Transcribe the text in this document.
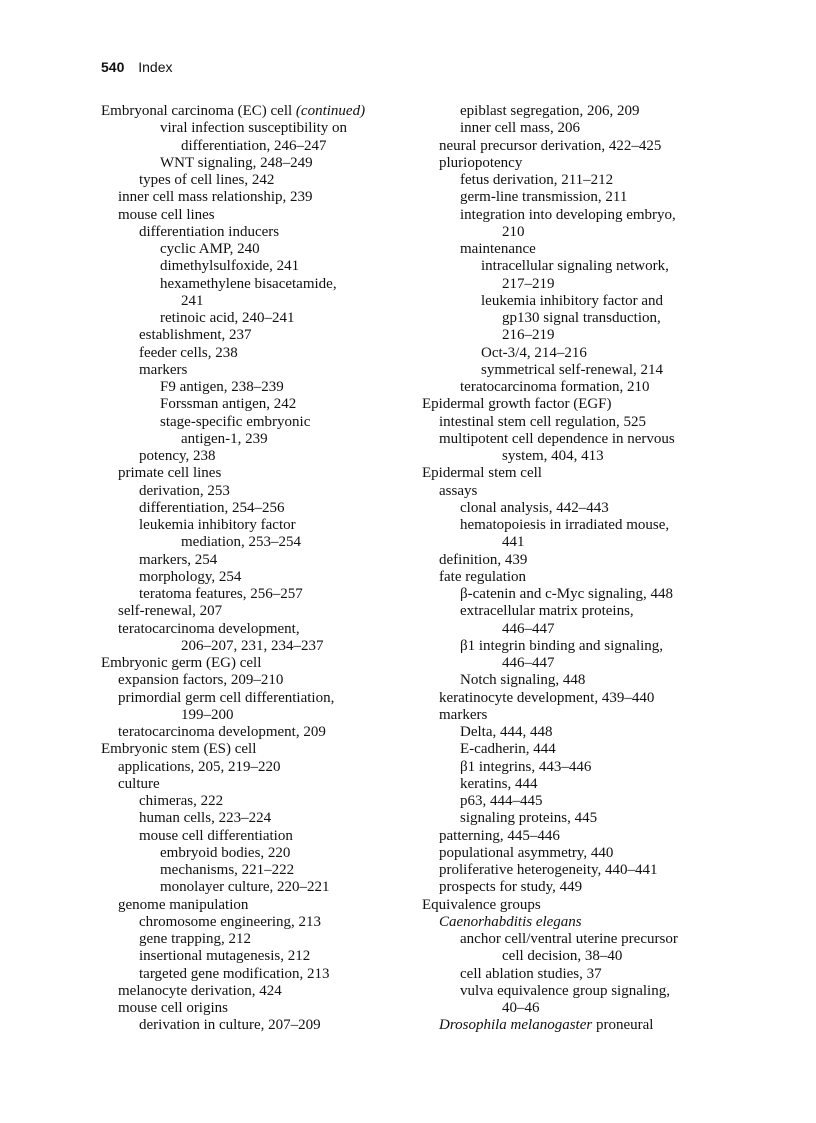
540 Index
Embryonal carcinoma (EC) cell (continued)
viral infection susceptibility on
differentiation, 246–247
WNT signaling, 248–249
types of cell lines, 242
inner cell mass relationship, 239
mouse cell lines
differentiation inducers
cyclic AMP, 240
dimethylsulfoxide, 241
hexamethylene bisacetamide,
241
retinoic acid, 240–241
establishment, 237
feeder cells, 238
markers
F9 antigen, 238–239
Forssman antigen, 242
stage-specific embryonic
antigen-1, 239
potency, 238
primate cell lines
derivation, 253
differentiation, 254–256
leukemia inhibitory factor
mediation, 253–254
markers, 254
morphology, 254
teratoma features, 256–257
self-renewal, 207
teratocarcinoma development,
206–207, 231, 234–237
Embryonic germ (EG) cell
expansion factors, 209–210
primordial germ cell differentiation,
199–200
teratocarcinoma development, 209
Embryonic stem (ES) cell
applications, 205, 219–220
culture
chimeras, 222
human cells, 223–224
mouse cell differentiation
embryoid bodies, 220
mechanisms, 221–222
monolayer culture, 220–221
genome manipulation
chromosome engineering, 213
gene trapping, 212
insertional mutagenesis, 212
targeted gene modification, 213
melanocyte derivation, 424
mouse cell origins
derivation in culture, 207–209
epiblast segregation, 206, 209
inner cell mass, 206
neural precursor derivation, 422–425
pluriopotency
fetus derivation, 211–212
germ-line transmission, 211
integration into developing embryo,
210
maintenance
intracellular signaling network,
217–219
leukemia inhibitory factor and
gp130 signal transduction,
216–219
Oct-3/4, 214–216
symmetrical self-renewal, 214
teratocarcinoma formation, 210
Epidermal growth factor (EGF)
intestinal stem cell regulation, 525
multipotent cell dependence in nervous
system, 404, 413
Epidermal stem cell
assays
clonal analysis, 442–443
hematopoiesis in irradiated mouse,
441
definition, 439
fate regulation
β-catenin and c-Myc signaling, 448
extracellular matrix proteins,
446–447
β1 integrin binding and signaling,
446–447
Notch signaling, 448
keratinocyte development, 439–440
markers
Delta, 444, 448
E-cadherin, 444
β1 integrins, 443–446
keratins, 444
p63, 444–445
signaling proteins, 445
patterning, 445–446
populational asymmetry, 440
proliferative heterogeneity, 440–441
prospects for study, 449
Equivalence groups
Caenorhabditis elegans
anchor cell/ventral uterine precursor
cell decision, 38–40
cell ablation studies, 37
vulva equivalence group signaling,
40–46
Drosophila melanogaster proneural
